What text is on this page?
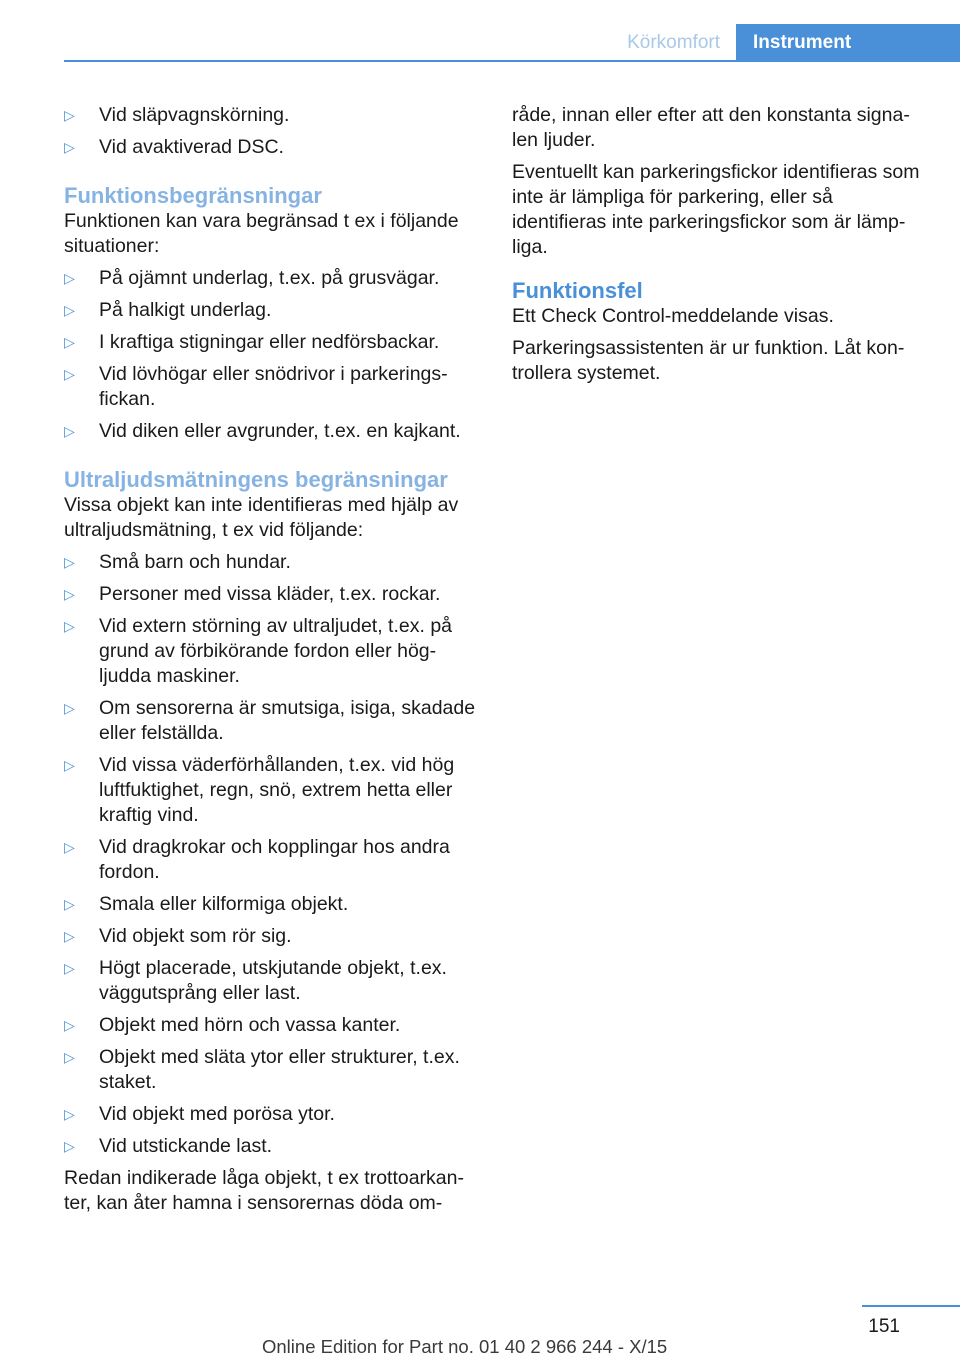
Körkomfort	Instrument
▷ Vid släpvagnskörning.
▷ Vid avaktiverad DSC.
Funktionsbegränsningar

Funktionen kan vara begränsad t ex i följande situationer:

▷ På ojämnt underlag, t.ex. på grusvägar.
▷ På halkigt underlag.
▷ I kraftiga stigningar eller nedförsbackar.
▷ Vid lövhögar eller snödrivor i parkerings-fickan.
▷ Vid diken eller avgrunder, t.ex. en kajkant.
Ultraljudsmätningens begränsningar

Vissa objekt kan inte identifieras med hjälp av ultraljudsmätning, t ex vid följande:

▷ Små barn och hundar.
▷ Personer med vissa kläder, t.ex. rockar.
▷ Vid extern störning av ultraljudet, t.ex. på grund av förbikörande fordon eller hög-ljudda maskiner.
▷ Om sensorerna är smutsiga, isiga, skadade eller felställda.
▷ Vid vissa väderförhållanden, t.ex. vid hög luftfuktighet, regn, snö, extrem hetta eller kraftig vind.
▷ Vid dragkrokar och kopplingar hos andra fordon.
▷ Smala eller kilformiga objekt.
▷ Vid objekt som rör sig.
▷ Högt placerade, utskjutande objekt, t.ex. väggutsprång eller last.
▷ Objekt med hörn och vassa kanter.
▷ Objekt med släta ytor eller strukturer, t.ex. staket.
▷ Vid objekt med porösa ytor.
▷ Vid utstickande last.

Redan indikerade låga objekt, t ex trottoarkan-ter, kan åter hamna i sensorernas döda om-

råde, innan eller efter att den konstanta signa-len ljuder.

Eventuellt kan parkeringsfickor identifieras som inte är lämpliga för parkering, eller så identifieras inte parkeringsfickor som är lämp-liga.

Funktionsfel

Ett Check Control-meddelande visas.

Parkeringsassistenten är ur funktion. Låt kon-trollera systemet.

151
Online Edition for Part no. 01 40 2 966 244 - X/15
